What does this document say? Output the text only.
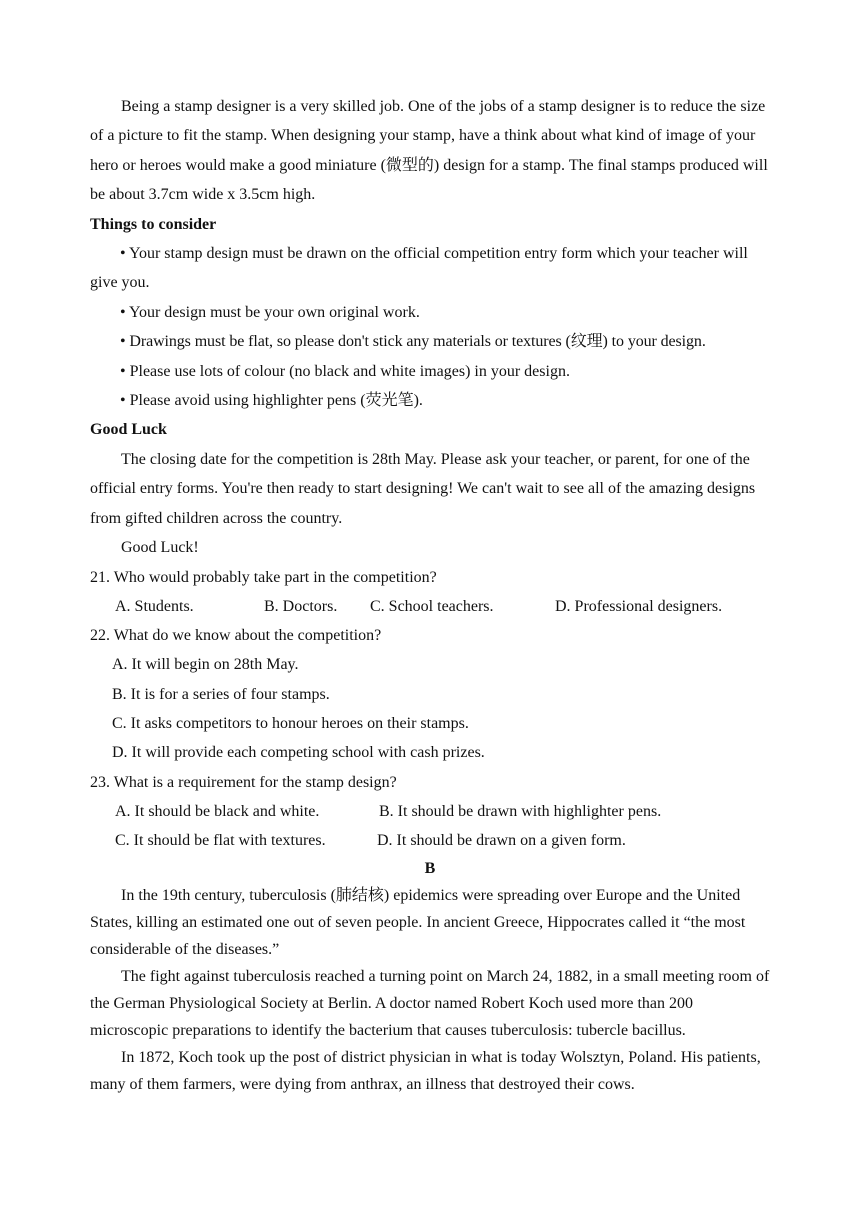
Being a stamp designer is a very skilled job. One of the jobs of a stamp designer is to reduce the size of a picture to fit the stamp. When designing your stamp, have a think about what kind of image of your hero or heroes would make a good miniature (微型的) design for a stamp. The final stamps produced will be about 3.7cm wide x 3.5cm high.

Things to consider

• Your stamp design must be drawn on the official competition entry form which your teacher will give you.

• Your design must be your own original work.

• Drawings must be flat, so please don't stick any materials or textures (纹理) to your design.

• Please use lots of colour (no black and white images) in your design.

• Please avoid using highlighter pens (荧光笔).

Good Luck

The closing date for the competition is 28th May. Please ask your teacher, or parent, for one of the official entry forms. You're then ready to start designing! We can't wait to see all of the amazing designs from gifted children across the country.

Good Luck!

21. Who would probably take part in the competition?

A. Students.	B. Doctors. C. School teachers.	D. Professional designers.

22. What do we know about the competition?

A. It will begin on 28th May.

B. It is for a series of four stamps.

C. It asks competitors to honour heroes on their stamps.

D. It will provide each competing school with cash prizes.

23. What is a requirement for the stamp design?

A. It should be black and white.	B. It should be drawn with highlighter pens.
C. It should be flat with textures.	D. It should be drawn on a given form.

B

In the 19th century, tuberculosis (肺结核) epidemics were spreading over Europe and the United States, killing an estimated one out of seven people. In ancient Greece, Hippocrates called it “the most considerable of the diseases.”

The fight against tuberculosis reached a turning point on March 24, 1882, in a small meeting room of the German Physiological Society at Berlin. A doctor named Robert Koch used more than 200 microscopic preparations to identify the bacterium that causes tuberculosis: tubercle bacillus.

In 1872, Koch took up the post of district physician in what is today Wolsztyn, Poland. His patients, many of them farmers, were dying from anthrax, an illness that destroyed their cows.
